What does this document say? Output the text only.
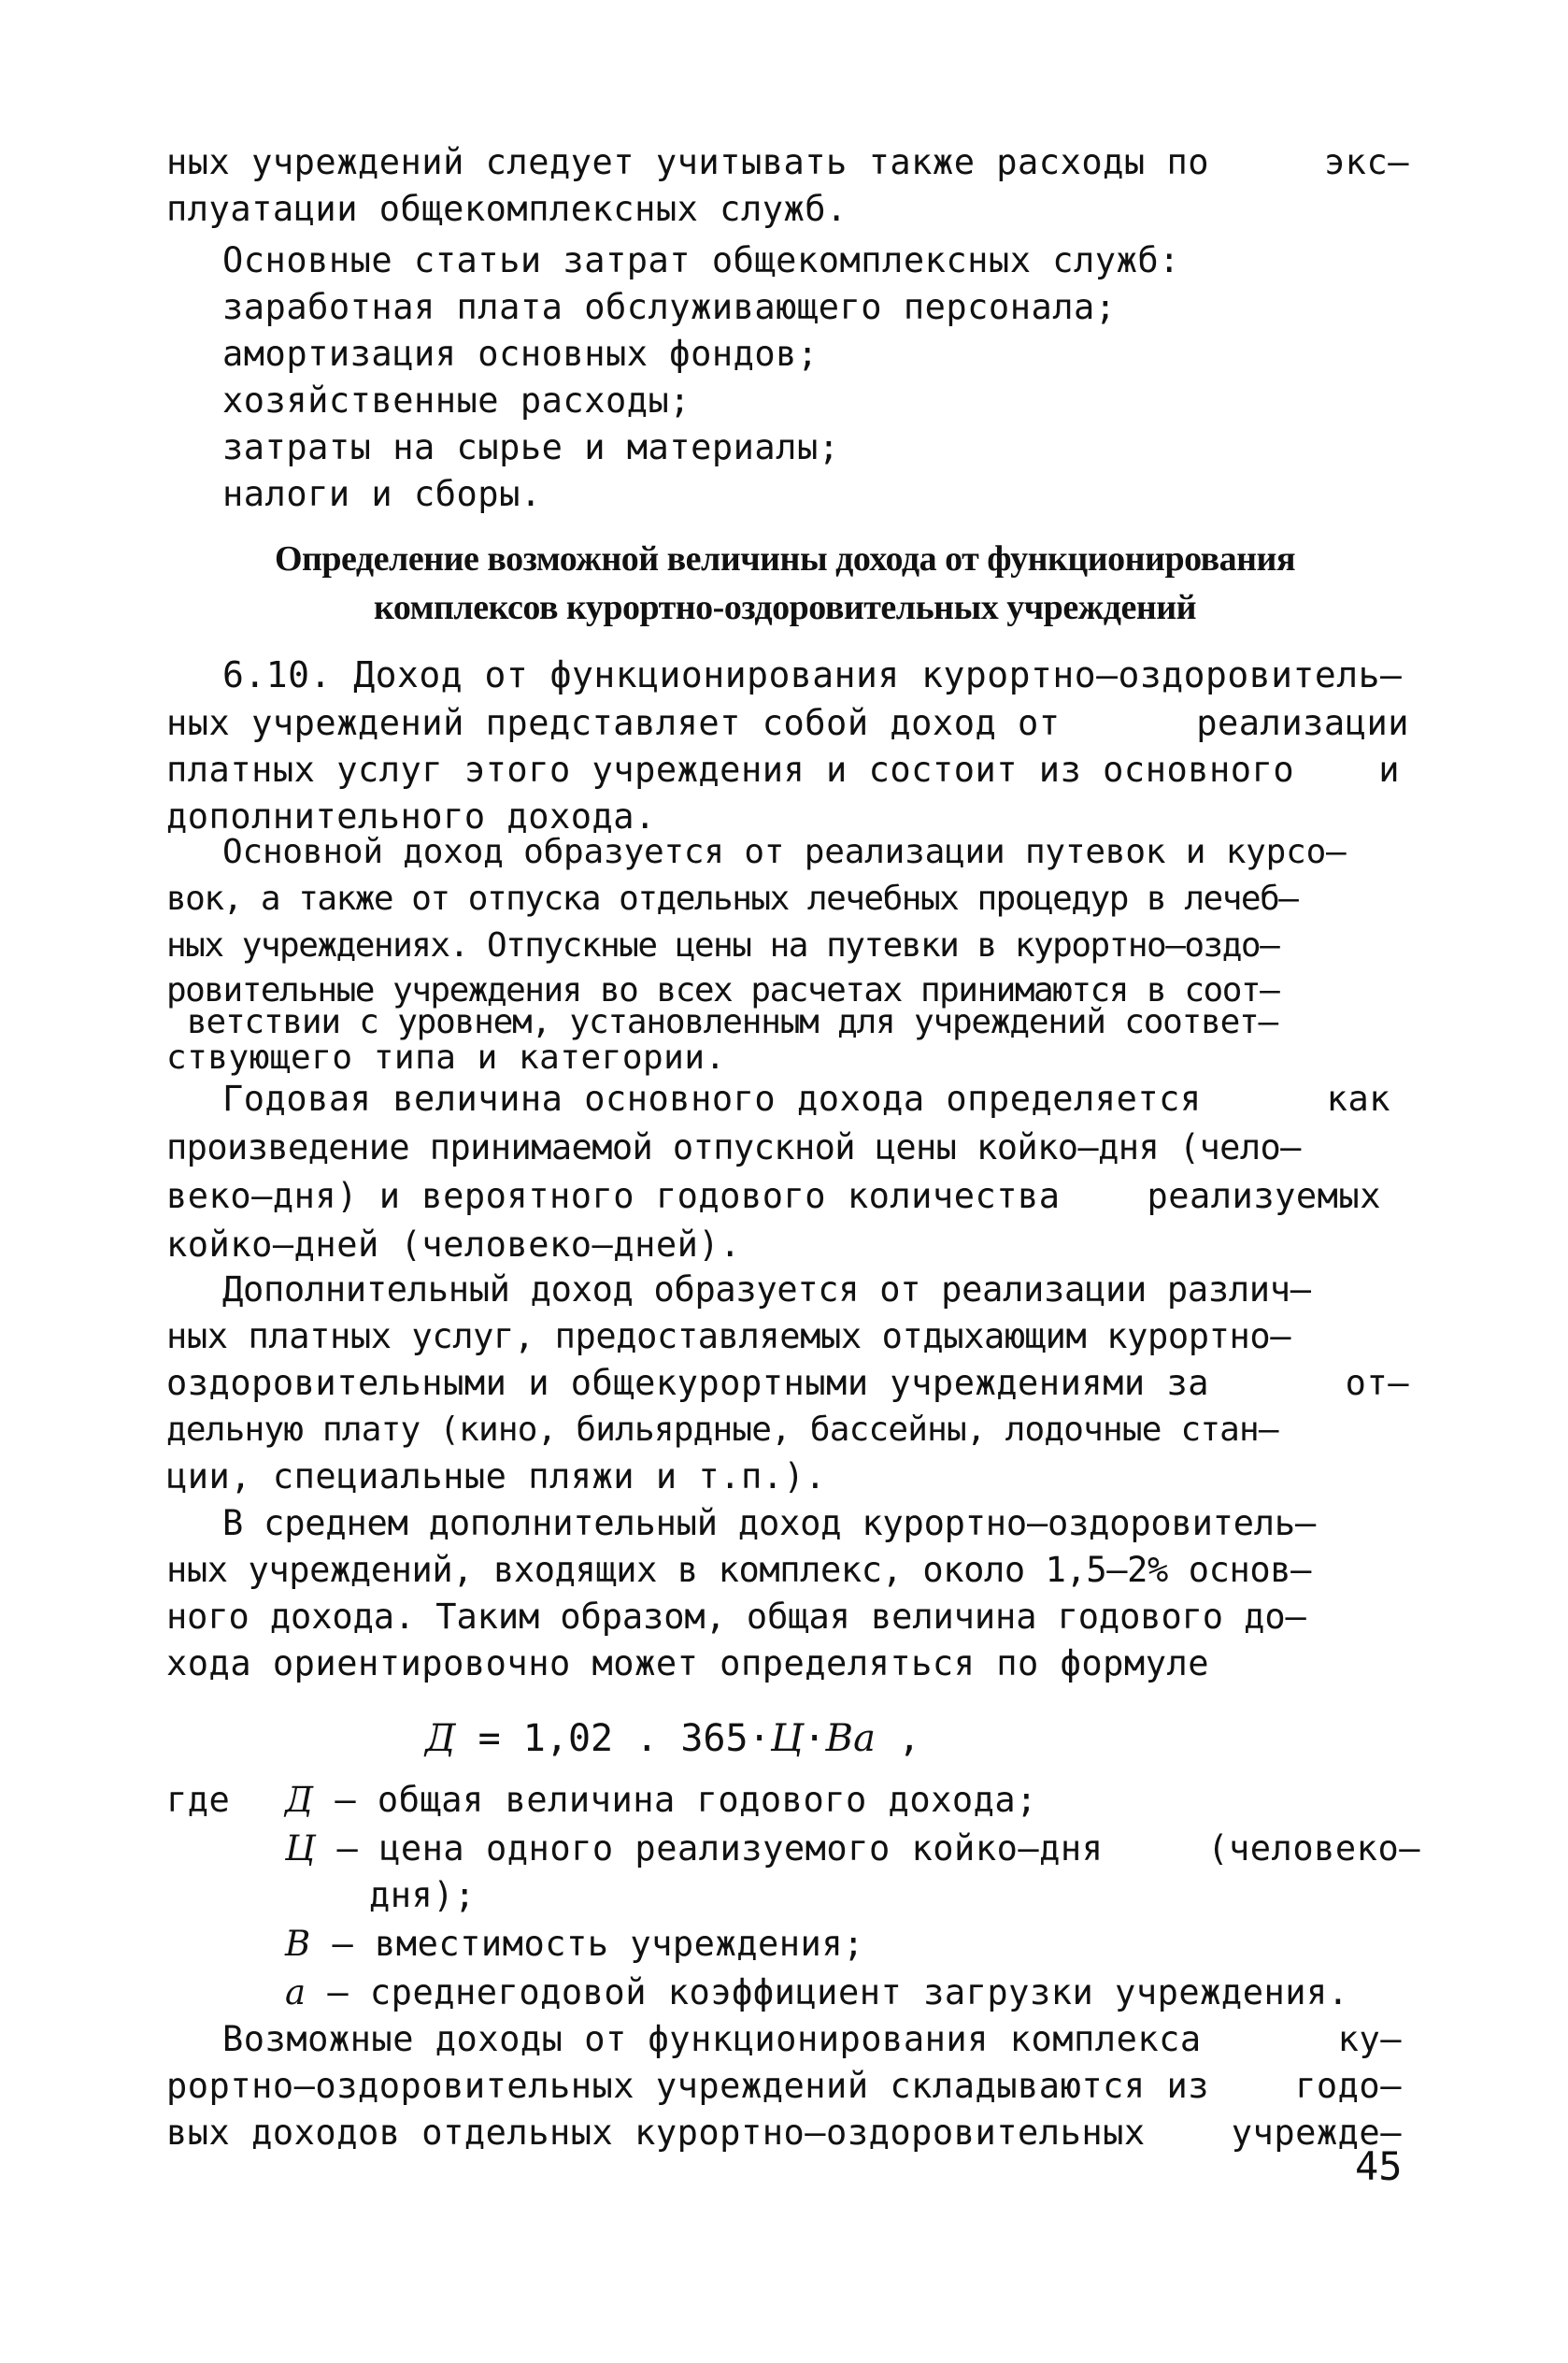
ных учреждений следует учитывать также расходы по	экс–
плуатации общекомплексных служб.
Основные статьи затрат общекомплексных служб:
заработная плата обслуживающего персонала;
амортизация основных фондов;
хозяйственные расходы;
затраты на сырье и материалы;
налоги и сборы.
Определение возможной величины дохода от функционирования
комплексов курортно-оздоровительных учреждений
6.10. Доход от функционирования курортно–оздоровитель–
ных учреждений представляет собой доход от	реализации
платных услуг этого учреждения и состоит из основного и
дополнительного дохода.
Основной доход образуется от реализации путевок и курсо–
вок, а также от отпуска отдельных лечебных процедур в лечеб–
ных учреждениях. Отпускные цены на путевки в курортно–оздо–
ровительные учреждения во всех расчетах принимаются в соот–
ветствии с уровнем, установленным для учреждений соответ–
ствующего типа и категории.
Годовая величина основного дохода определяется	как
произведение принимаемой отпускной цены койко–дня (чело–
веко–дня) и вероятного годового количества	реализуемых
койко–дней (человеко–дней).
Дополнительный доход образуется от реализации различ–
ных платных услуг, предоставляемых отдыхающим курортно–
оздоровительными и общекурортными учреждениями за	от–
дельную плату (кино, бильярдные, бассейны, лодочные стан–
ции, специальные пляжи и т.п.).
В среднем дополнительный доход курортно–оздоровитель–
ных учреждений, входящих в комплекс, около 1,5–2% основ–
ного дохода. Таким образом, общая величина годового до–
хода ориентировочно может определяться по формуле
Д = 1,02 . 365·Ц·Ва ,
где Д – общая величина годового дохода;
Ц – цена одного реализуемого койко–дня	(человеко–
дня);
В – вместимость учреждения;
а – среднегодовой коэффициент загрузки учреждения.
Возможные доходы от функционирования комплекса	ку–
рортно–оздоровительных учреждений складываются из годо–
вых доходов отдельных курортно–оздоровительных учрежде–
45
